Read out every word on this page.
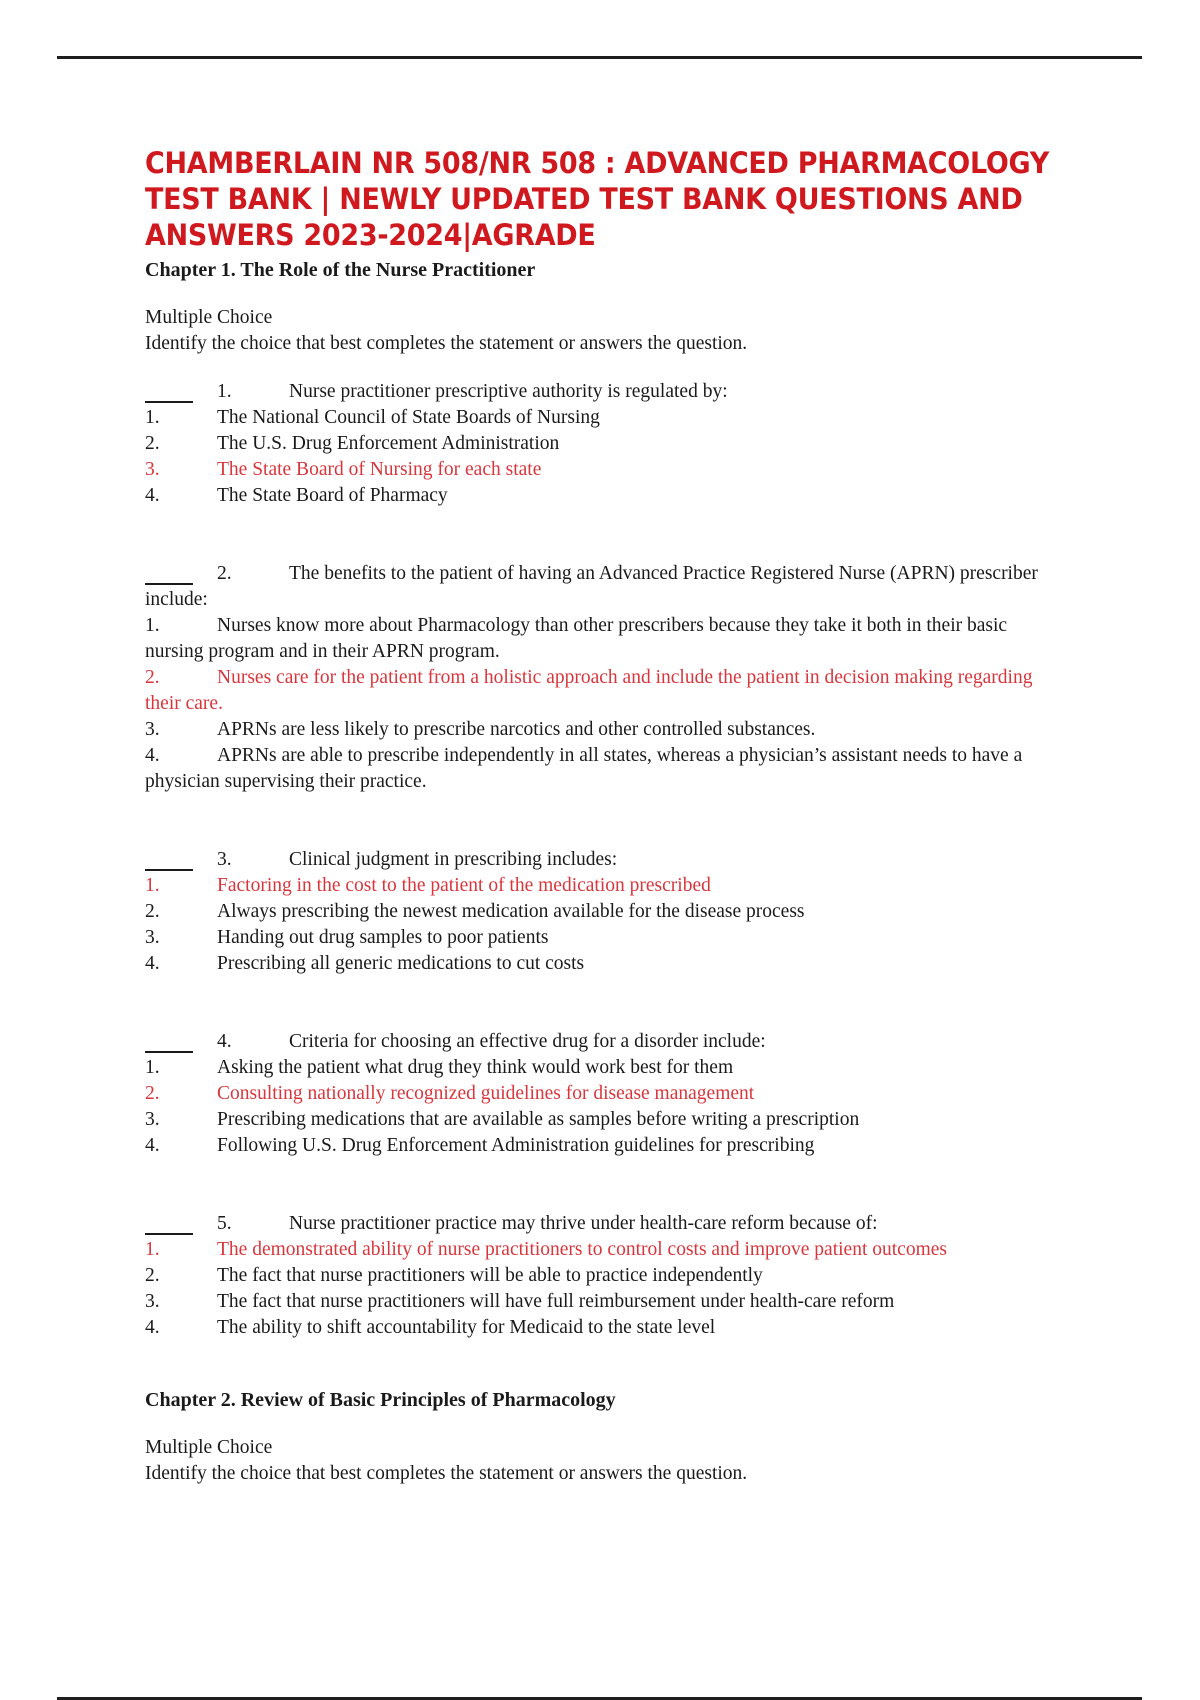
CHAMBERLAIN NR 508/NR 508 : ADVANCED PHARMACOLOGY TEST BANK | NEWLY UPDATED TEST BANK QUESTIONS AND ANSWERS 2023-2024|AGRADE
Chapter 1. The Role of the Nurse Practitioner
Multiple Choice
Identify the choice that best completes the statement or answers the question.
1.	Nurse practitioner prescriptive authority is regulated by:
1.	The National Council of State Boards of Nursing
2.	The U.S. Drug Enforcement Administration
3.	The State Board of Nursing for each state
4.	The State Board of Pharmacy
2.	The benefits to the patient of having an Advanced Practice Registered Nurse (APRN) prescriber include:
1.	Nurses know more about Pharmacology than other prescribers because they take it both in their basic nursing program and in their APRN program.
2.	Nurses care for the patient from a holistic approach and include the patient in decision making regarding their care.
3.	APRNs are less likely to prescribe narcotics and other controlled substances.
4.	APRNs are able to prescribe independently in all states, whereas a physician’s assistant needs to have a physician supervising their practice.
3.	Clinical judgment in prescribing includes:
1.	Factoring in the cost to the patient of the medication prescribed
2.	Always prescribing the newest medication available for the disease process
3.	Handing out drug samples to poor patients
4.	Prescribing all generic medications to cut costs
4.	Criteria for choosing an effective drug for a disorder include:
1.	Asking the patient what drug they think would work best for them
2.	Consulting nationally recognized guidelines for disease management
3.	Prescribing medications that are available as samples before writing a prescription
4.	Following U.S. Drug Enforcement Administration guidelines for prescribing
5.	Nurse practitioner practice may thrive under health-care reform because of:
1.	The demonstrated ability of nurse practitioners to control costs and improve patient outcomes
2.	The fact that nurse practitioners will be able to practice independently
3.	The fact that nurse practitioners will have full reimbursement under health-care reform
4.	The ability to shift accountability for Medicaid to the state level
Chapter 2. Review of Basic Principles of Pharmacology
Multiple Choice
Identify the choice that best completes the statement or answers the question.
